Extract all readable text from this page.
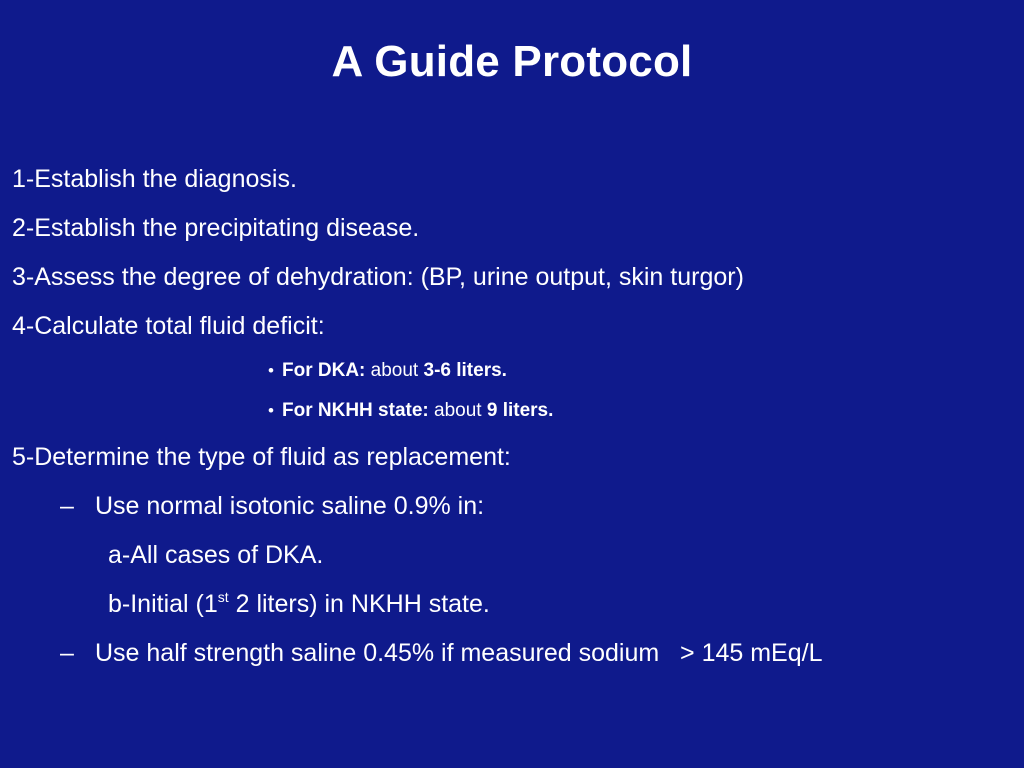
A Guide Protocol
1-Establish the diagnosis.
2-Establish the precipitating disease.
3-Assess the degree of dehydration: (BP, urine output, skin turgor)
4-Calculate total fluid deficit:
• For DKA: about 3-6 liters.
• For NKHH state: about 9 liters.
5-Determine the type of fluid as replacement:
– Use normal isotonic saline 0.9% in:
a-All cases of DKA.
b-Initial (1st 2 liters) in NKHH state.
– Use half strength saline 0.45% if measured sodium   > 145 mEq/L
